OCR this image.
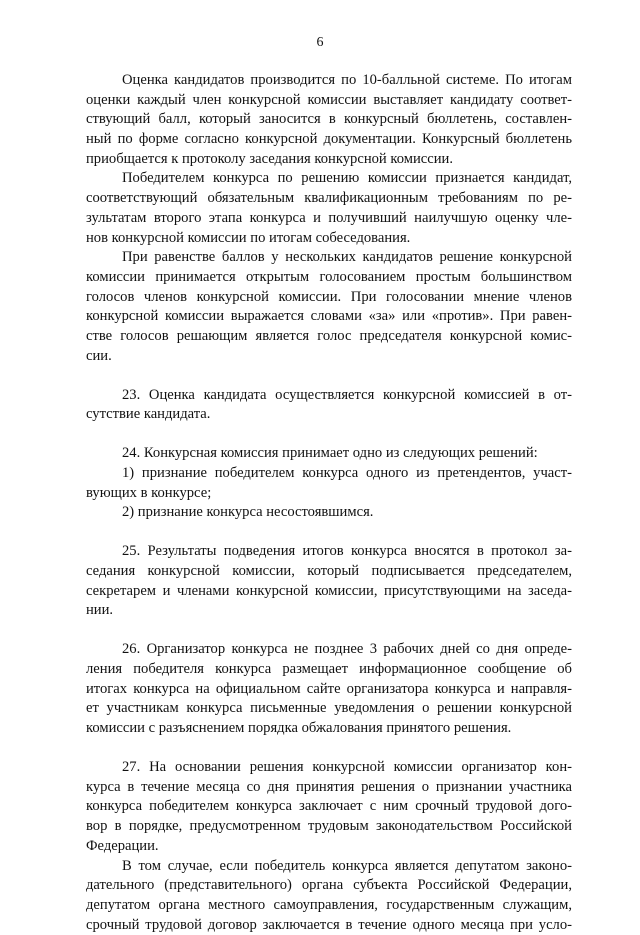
6
Оценка кандидатов производится по 10-балльной системе. По итогам
оценки каждый член конкурсной комиссии выставляет кандидату соответ-
ствующий балл, который заносится в конкурсный бюллетень, составлен-
ный по форме согласно конкурсной документации. Конкурсный бюллетень
приобщается к протоколу заседания конкурсной комиссии.
Победителем конкурса по решению комиссии признается кандидат,
соответствующий обязательным квалификационным требованиям по ре-
зультатам второго этапа конкурса и получивший наилучшую оценку чле-
нов конкурсной комиссии по итогам собеседования.
При равенстве баллов у нескольких кандидатов решение конкурсной
комиссии принимается открытым голосованием простым большинством
голосов членов конкурсной комиссии. При голосовании мнение членов
конкурсной комиссии выражается словами «за» или «против». При равен-
стве голосов решающим является голос председателя конкурсной комис-
сии.
23. Оценка кандидата осуществляется конкурсной комиссией в от-
сутствие кандидата.
24. Конкурсная комиссия принимает одно из следующих решений:
1) признание победителем конкурса одного из претендентов, участ-
вующих в конкурсе;
2) признание конкурса несостоявшимся.
25. Результаты подведения итогов конкурса вносятся в протокол за-
седания конкурсной комиссии, который подписывается председателем,
секретарем и членами конкурсной комиссии, присутствующими на заседа-
нии.
26. Организатор конкурса не позднее 3 рабочих дней со дня опреде-
ления победителя конкурса размещает информационное сообщение об
итогах конкурса на официальном сайте организатора конкурса и направля-
ет участникам конкурса письменные уведомления о решении конкурсной
комиссии с разъяснением порядка обжалования принятого решения.
27. На основании решения конкурсной комиссии организатор кон-
курса в течение месяца со дня принятия решения о признании участника
конкурса победителем конкурса заключает с ним срочный трудовой дого-
вор в порядке, предусмотренном трудовым законодательством Российской
Федерации.
В том случае, если победитель конкурса является депутатом законо-
дательного (представительного) органа субъекта Российской Федерации,
депутатом органа местного самоуправления, государственным служащим,
срочный трудовой договор заключается в течение одного месяца при усло-
